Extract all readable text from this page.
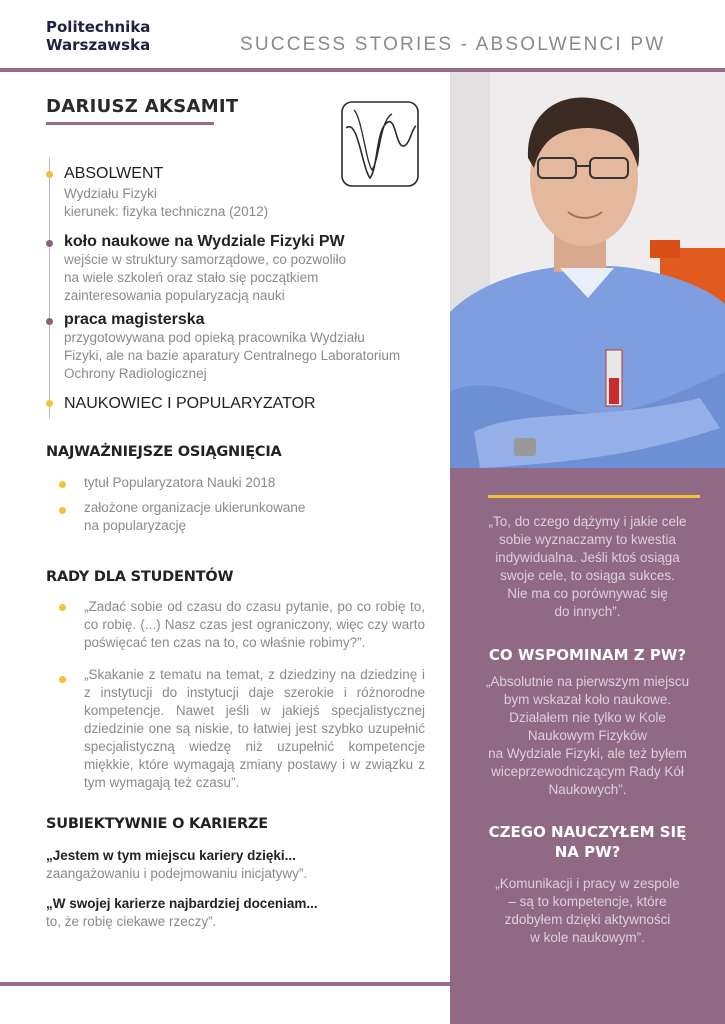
Politechnika
Warszawska	SUCCESS STORIES - ABSOLWENCI PW
DARIUSZ AKSAMIT
ABSOLWENT
Wydziału Fizyki
kierunek: fizyka techniczna (2012)
koło naukowe na Wydziale Fizyki PW
wejście w struktury samorządowe, co pozwoliło
na wiele szkoleń oraz stało się początkiem
zainteresowania popularyzacją nauki
praca magisterska
przygotowywana pod opieką pracownika Wydziału
Fizyki, ale na bazie aparatury Centralnego Laboratorium
Ochrony Radiologicznej
NAUKOWIEC I POPULARYZATOR
NAJWAŻNIEJSZE OSIĄGNIĘCIA
tytuł Popularyzatora Nauki 2018
założone organizacje ukierunkowane
na popularyzację
RADY DLA STUDENTÓW
„Zadać sobie od czasu do czasu pytanie, po co robię to, co robię. (...) Nasz czas jest ograniczony, więc czy warto poświęcać ten czas na to, co właśnie robimy?”.
„Skakanie z tematu na temat, z dziedziny na dziedzinę i z instytucji do instytucji daje szerokie i różnorodne kompetencje. Nawet jeśli w jakiejś specjalistycznej dziedzinie one są niskie, to łatwiej jest szybko uzupełnić specjalistyczną wiedzę niż uzupełnić kompetencje miękkie, które wymagają zmiany postawy i w związku z tym wymagają też czasu”.
SUBIEKTYWNIE O KARIERZE
„Jestem w tym miejscu kariery dzięki...
zaangażowaniu i podejmowaniu inicjatywy”.
„W swojej karierze najbardziej doceniam...
to, że robię ciekawe rzeczy”.
„To, do czego dążymy i jakie cele
sobie wyznaczamy to kwestia
indywidualna. Jeśli ktoś osiąga
swoje cele, to osiąga sukces.
Nie ma co porównywać się
do innych”.
CO WSPOMINAM Z PW?
„Absolutnie na pierwszym miejscu
bym wskazał koło naukowe.
Działałem nie tylko w Kole
Naukowym Fizyków
na Wydziale Fizyki, ale też byłem
wiceprzewodniczącym Rady Kół
Naukowych”.
CZEGO NAUCZYŁEM SIĘ
NA PW?
„Komunikacji i pracy w zespole
– są to kompetencje, które
zdobyłem dzięki aktywności
w kole naukowym”.
